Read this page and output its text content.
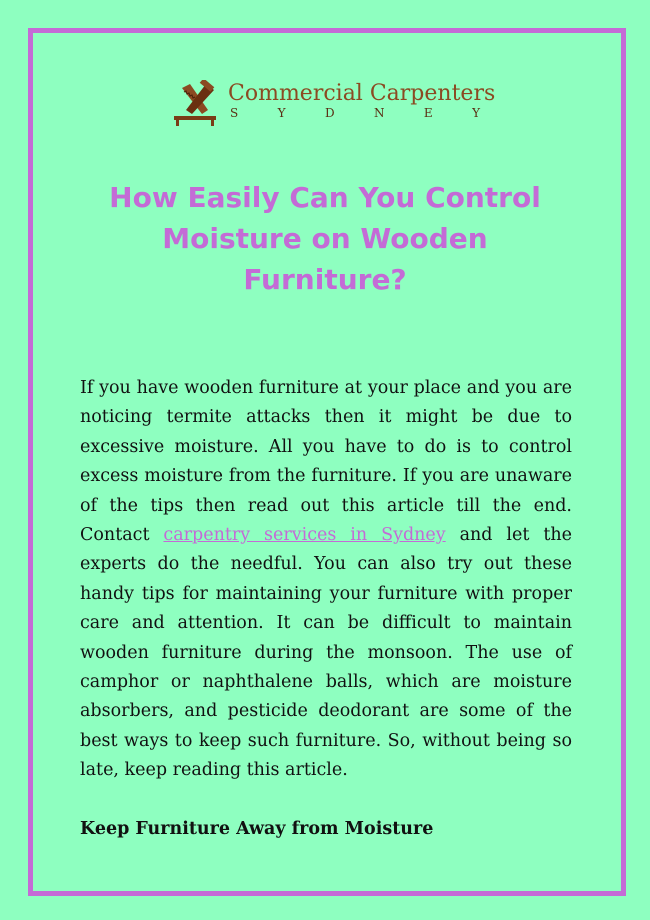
Commercial Carpenters
S	Y	D	N	E	Y
How Easily Can You Control Moisture on Wooden Furniture?

If you have wooden furniture at your place and you are noticing termite attacks then it might be due to excessive moisture. All you have to do is to control excess moisture from the furniture. If you are unaware of the tips then read out this article till the end. Contact carpentry services in Sydney and let the experts do the needful. You can also try out these handy tips for maintaining your furniture with proper care and attention. It can be difficult to maintain wooden furniture during the monsoon. The use of camphor or naphthalene balls, which are moisture absorbers, and pesticide deodorant are some of the best ways to keep such furniture. So, without being so late, keep reading this article.

Keep Furniture Away from Moisture
